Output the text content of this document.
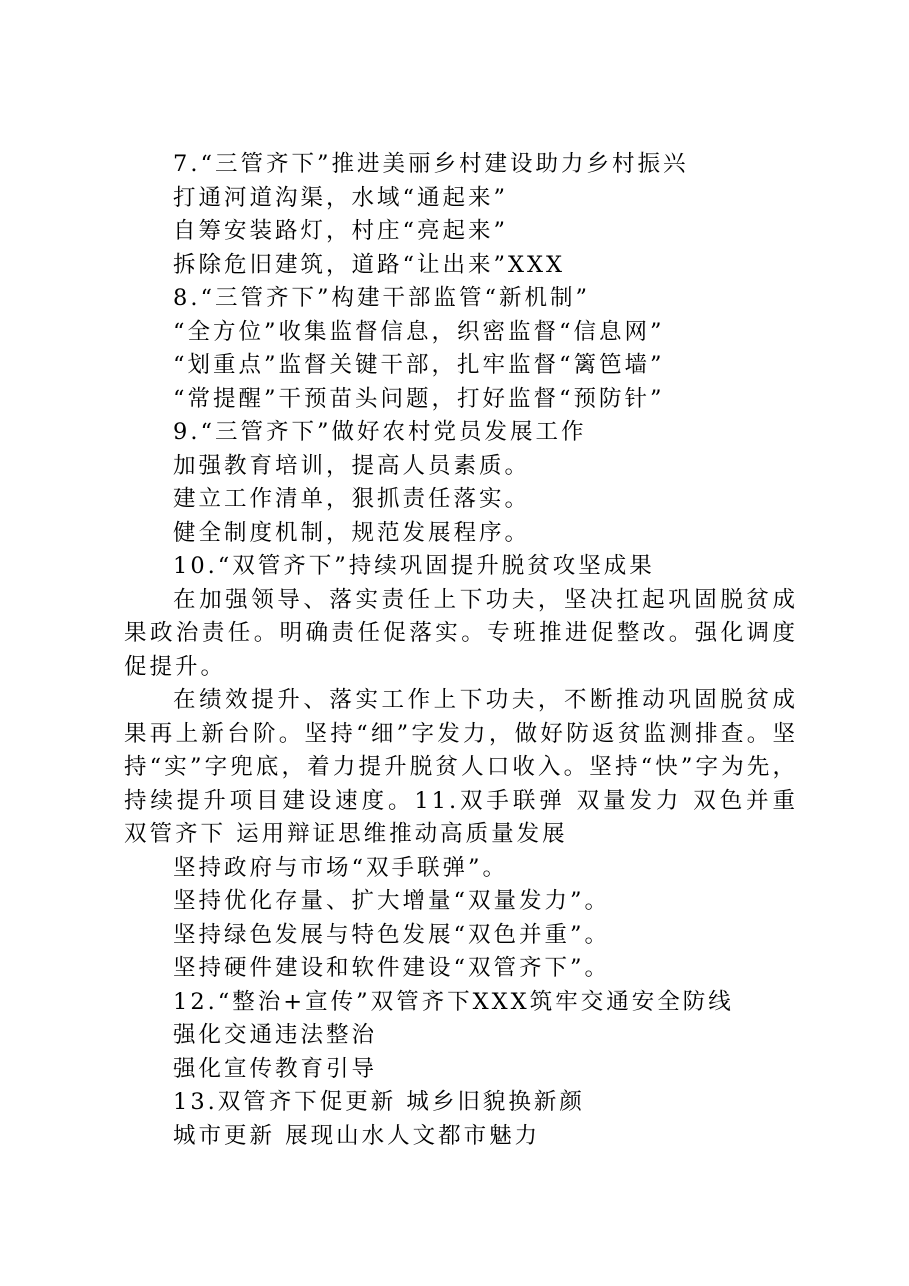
7.“三管齐下”推进美丽乡村建设助力乡村振兴

打通河道沟渠，水域“通起来”

自筹安装路灯，村庄“亮起来”

拆除危旧建筑，道路“让出来”XXX

8.“三管齐下”构建干部监管“新机制”

“全方位”收集监督信息，织密监督“信息网”

“划重点”监督关键干部，扎牢监督“篱笆墙”

“常提醒”干预苗头问题，打好监督“预防针”

9.“三管齐下”做好农村党员发展工作

加强教育培训，提高人员素质。

建立工作清单，狠抓责任落实。

健全制度机制，规范发展程序。

10.“双管齐下”持续巩固提升脱贫攻坚成果

在加强领导、落实责任上下功夫，坚决扛起巩固脱贫成果政治责任。明确责任促落实。专班推进促整改。强化调度促提升。

在绩效提升、落实工作上下功夫，不断推动巩固脱贫成果再上新台阶。坚持“细”字发力，做好防返贫监测排查。坚持“实”字兜底，着力提升脱贫人口收入。坚持“快”字为先，持续提升项目建设速度。11.双手联弹 双量发力 双色并重 双管齐下 运用辩证思维推动高质量发展

坚持政府与市场“双手联弹”。

坚持优化存量、扩大增量“双量发力”。

坚持绿色发展与特色发展“双色并重”。

坚持硬件建设和软件建设“双管齐下”。

12.“整治+宣传”双管齐下XXX筑牢交通安全防线

强化交通违法整治

强化宣传教育引导

13.双管齐下促更新 城乡旧貌换新颜

城市更新 展现山水人文都市魅力
